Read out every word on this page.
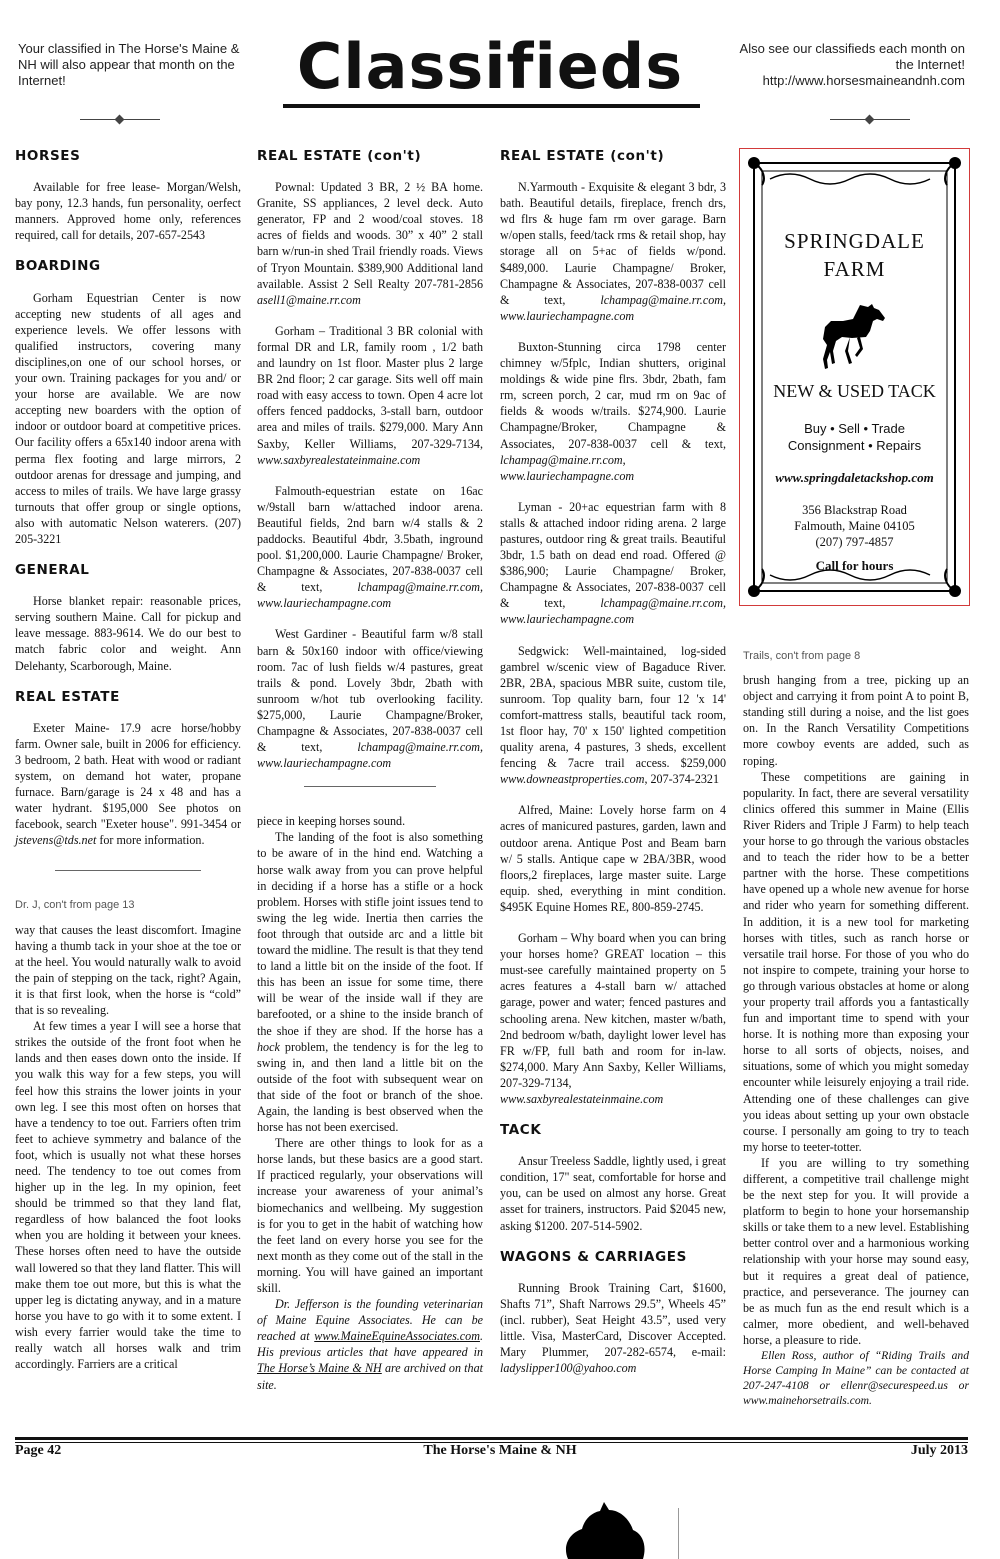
Your classified in The Horse's Maine & NH will also appear that month on the Internet!	Classifieds	Also see our classifieds each month on the Internet! http://www.horsesmaineandnh.com
HORSES

Available for free lease- Morgan/Welsh, bay pony, 12.3 hands, fun personality, oerfect manners. Approved home only, references required, call for details, 207-657-2543

BOARDING

Gorham Equestrian Center is now accepting new students of all ages and experience levels. We offer lessons with qualified instructors, covering many disciplines,on one of our school horses, or your own. Training packages for you and/ or your horse are available. We are now accepting new boarders with the option of indoor or outdoor board at competitive prices. Our facility offers a 65x140 indoor arena with perma flex footing and large mirrors, 2 outdoor arenas for dressage and jumping, and access to miles of trails. We have large grassy turnouts that offer group or single options, also with automatic Nelson waterers. (207) 205-3221

GENERAL

Horse blanket repair: reasonable prices, serving southern Maine. Call for pickup and leave message. 883-9614. We do our best to match fabric color and weight. Ann Delehanty, Scarborough, Maine.

REAL ESTATE

Exeter Maine- 17.9 acre horse/hobby farm. Owner sale, built in 2006 for efficiency. 3 bedroom, 2 bath. Heat with wood or radiant system, on demand hot water, propane furnace. Barn/garage is 24 x 48 and has a water hydrant. $195,000 See photos on facebook, search "Exeter house". 991-3454 or jstevens@tds.net for more information.

Dr. J, con't from page 13

way that causes the least discomfort. Imagine having a thumb tack in your shoe at the toe or at the heel. You would naturally walk to avoid the pain of stepping on the tack, right? Again, it is that first look, when the horse is “cold” that is so revealing.

At few times a year I will see a horse that strikes the outside of the front foot when he lands and then eases down onto the inside. If you walk this way for a few steps, you will feel how this strains the lower joints in your own leg. I see this most often on horses that have a tendency to toe out. Farriers often trim feet to achieve symmetry and balance of the foot, which is usually not what these horses need. The tendency to toe out comes from higher up in the leg. In my opinion, feet should be trimmed so that they land flat, regardless of how balanced the foot looks when you are holding it between your knees. These horses often need to have the outside wall lowered so that they land flatter. This will make them toe out more, but this is what the upper leg is dictating anyway, and in a mature horse you have to go with it to some extent. I wish every farrier would take the time to really watch all horses walk and trim accordingly. Farriers are a critical

REAL ESTATE (con't)

Pownal: Updated 3 BR, 2 ½ BA home. Granite, SS appliances, 2 level deck. Auto generator, FP and 2 wood/coal stoves. 18 acres of fields and woods. 30” x 40” 2 stall barn w/run-in shed Trail friendly roads. Views of Tryon Mountain. $389,900 Additional land available. Assist 2 Sell Realty 207-781-2856 asell1@maine.rr.com

Gorham – Traditional 3 BR colonial with formal DR and LR, family room , 1/2 bath and laundry on 1st floor. Master plus 2 large BR 2nd floor; 2 car garage. Sits well off main road with easy access to town. Open 4 acre lot offers fenced paddocks, 3-stall barn, outdoor area and miles of trails. $279,000. Mary Ann Saxby, Keller Williams, 207-329-7134, www.saxbyrealestateinmaine.com

Falmouth-equestrian estate on 16ac w/9stall barn w/attached indoor arena. Beautiful fields, 2nd barn w/4 stalls & 2 paddocks. Beautiful 4bdr, 3.5bath, inground pool. $1,200,000. Laurie Champagne/ Broker, Champagne & Associates, 207-838-0037 cell & text,	lchampag@maine.rr.com, www.lauriechampagne.com

West Gardiner - Beautiful farm w/8 stall barn & 50x160 indoor with office/viewing room. 7ac of lush fields w/4 pastures, great trails & pond. Lovely 3bdr, 2bath with sunroom w/hot tub overlooking facility. $275,000, Laurie Champagne/Broker, Champagne & Associates, 207-838-0037 cell & text,	lchampag@maine.rr.com, www.lauriechampagne.com

piece in keeping horses sound.

The landing of the foot is also something to be aware of in the hind end. Watching a horse walk away from you can prove helpful in deciding if a horse has a stifle or a hock problem. Horses with stifle joint issues tend to swing the leg wide. Inertia then carries the foot through that outside arc and a little bit toward the midline. The result is that they tend to land a little bit on the inside of the foot. If this has been an issue for some time, there will be wear of the inside wall if they are barefooted, or a shine to the inside branch of the shoe if they are shod. If the horse has a hock problem, the tendency is for the leg to swing in, and then land a little bit on the outside of the foot with subsequent wear on that side of the foot or branch of the shoe. Again, the landing is best observed when the horse has not been exercised.

There are other things to look for as a horse lands, but these basics are a good start. If practiced regularly, your observations will increase your awareness of your animal’s biomechanics and wellbeing. My suggestion is for you to get in the habit of watching how the feet land on every horse you see for the next month as they come out of the stall in the morning. You will have gained an important skill.

Dr. Jefferson is the founding veterinarian of Maine Equine Associates. He can be reached at www.MaineEquineAssociates.com. His previous articles that have appeared in The Horse’s Maine & NH are archived on that site.

REAL ESTATE (con't)

N.Yarmouth - Exquisite & elegant 3 bdr, 3 bath. Beautiful details, fireplace, french drs, wd flrs & huge fam rm over garage. Barn w/open stalls, feed/tack rms & retail shop, hay storage all on 5+ac of fields w/pond. $489,000. Laurie Champagne/ Broker, Champagne & Associates, 207-838-0037 cell & text,	lchampag@maine.rr.com, www.lauriechampagne.com

Buxton-Stunning circa 1798 center chimney w/5fplc, Indian shutters, original moldings & wide pine flrs. 3bdr, 2bath, fam rm, screen porch, 2 car, mud rm on 9ac of fields & woods w/trails. $274,900. Laurie Champagne/Broker, Champagne & Associates, 207-838-0037 cell & text, lchampag@maine.rr.com, www.lauriechampagne.com

Lyman - 20+ac equestrian farm with 8 stalls & attached indoor riding arena. 2 large pastures, outdoor ring & great trails. Beautiful 3bdr, 1.5 bath on dead end road. Offered @ $386,900; Laurie Champagne/ Broker, Champagne & Associates, 207-838-0037 cell & text,	lchampag@maine.rr.com, www.lauriechampagne.com

Sedgwick: Well-maintained, log-sided gambrel w/scenic view of Bagaduce River. 2BR, 2BA, spacious MBR suite, custom tile, sunroom. Top quality barn, four 12 'x 14' comfort-mattress stalls, beautiful tack room, 1st floor hay, 70' x 150' lighted competition quality arena, 4 pastures, 3 sheds, excellent fencing & 7acre trail access. $259,000 www.downeastproperties.com, 207-374-2321

Alfred, Maine: Lovely horse farm on 4 acres of manicured pastures, garden, lawn and outdoor arena. Antique Post and Beam barn w/ 5 stalls. Antique cape w 2BA/3BR, wood floors,2 fireplaces, large master suite. Large equip. shed, everything in mint condition. $495K Equine Homes RE, 800-859-2745.

Gorham – Why board when you can bring your horses home? GREAT location – this must-see carefully maintained property on 5 acres features a 4-stall barn w/ attached garage, power and water; fenced pastures and schooling arena. New kitchen, master w/bath, 2nd bedroom w/bath, daylight lower level has FR w/FP, full bath and room for in-law. $274,000. Mary Ann Saxby, Keller Williams, 207-329-7134, www.saxbyrealestateinmaine.com

TACK

Ansur Treeless Saddle, lightly used, i great condition, 17" seat, comfortable for horse and you, can be used on almost any horse. Great asset for trainers, instructors. Paid $2045 new, asking $1200. 207-514-5902.

WAGONS & CARRIAGES

Running Brook Training Cart, $1600, Shafts 71”, Shaft Narrows 29.5”, Wheels 45” (incl. rubber), Seat Height 43.5”, used very little. Visa, MasterCard, Discover Accepted. Mary Plummer, 207-282-6574, e-mail: ladyslipper100@yahoo.com

SPRINGDALE
FARM
NEW & USED TACK
Buy • Sell • Trade
Consignment • Repairs
www.springdaletackshop.com
356 Blackstrap Road
Falmouth, Maine 04105
(207) 797-4857
Call for hours
Trails, con't from page 8

brush hanging from a tree, picking up an object and carrying it from point A to point B, standing still during a noise, and the list goes on. In the Ranch Versatility Competitions more cowboy events are added, such as roping.

These competitions are gaining in popularity. In fact, there are several versatility clinics offered this summer in Maine (Ellis River Riders and Triple J Farm) to help teach your horse to go through the various obstacles and to teach the rider how to be a better partner with the horse. These competitions have opened up a whole new avenue for horse and rider who yearn for something different. In addition, it is a new tool for marketing horses with titles, such as ranch horse or versatile trail horse. For those of you who do not inspire to compete, training your horse to go through various obstacles at home or along your property trail affords you a fantastically fun and important time to spend with your horse. It is nothing more than exposing your horse to all sorts of objects, noises, and situations, some of which you might someday encounter while leisurely enjoying a trail ride. Attending one of these challenges can give you ideas about setting up your own obstacle course. I personally am going to try to teach my horse to teeter-totter.

If you are willing to try something different, a competitive trail challenge might be the next step for you. It will provide a platform to begin to hone your horsemanship skills or take them to a new level. Establishing better control over and a harmonious working relationship with your horse may sound easy, but it requires a great deal of patience, practice, and perseverance. The journey can be as much fun as the end result which is a calmer, more obedient, and well-behaved horse, a pleasure to ride.

Ellen Ross, author of “Riding Trails and Horse Camping In Maine” can be contacted at 207-247-4108 or ellenr@securespeed.us or www.mainehorsetrails.com.

Page 42	The Horse's Maine & NH	July 2013
